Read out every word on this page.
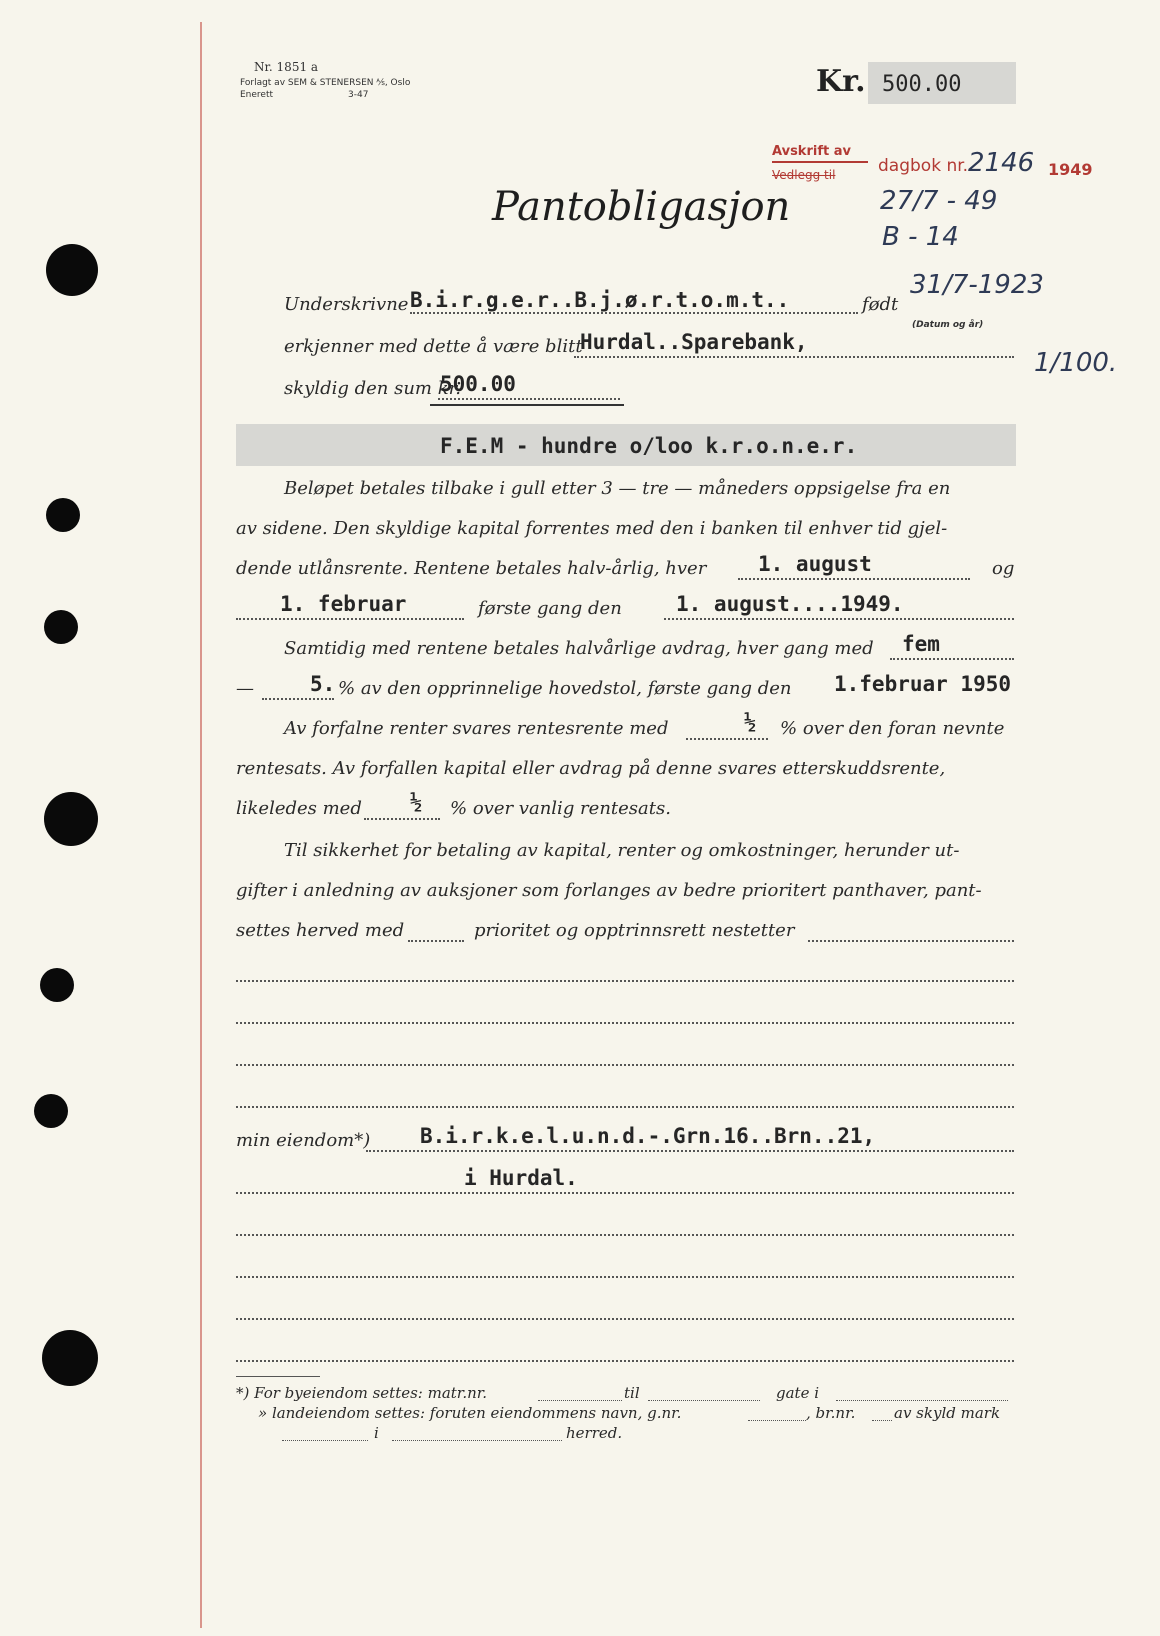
Nr. 1851 a
Forlagt av SEM & STENERSEN ⅍, Oslo
Enerett	3-47	Kr. 500.00
Avskrift av
Vedlegg til	dagbok nr. 2146 1949
27/7 - 49
B - 14
Pantobligasjon
Underskrivne B.i.r.g.e.r..B.j.ø.r.t.o.m.t..	født
31/7-1923
(Datum og år)
erkjenner med dette å være blitt
Hurdal..Sparebank,
1/100.
skyldig den sum kr.
500.00
F.E.M - hundre o/loo k.r.o.n.e.r.
Beløpet betales tilbake i gull etter 3 — tre — måneders oppsigelse fra en
av sidene. Den skyldige kapital forrentes med den i banken til enhver tid gjel-
dende utlånsrente. Rentene betales halv-årlig, hver 1. august	og
1. februar	første gang den	1. august....1949.
Samtidig med rentene betales halvårlige avdrag, hver gang med fem
—	5. % av den opprinnelige hovedstol, første gang den 1.februar 1950
Av forfalne renter svares rentesrente med	½ % over den foran nevnte
rentesats. Av forfallen kapital eller avdrag på denne svares etterskuddsrente,
likeledes med ½ % over vanlig rentesats.
Til sikkerhet for betaling av kapital, renter og omkostninger, herunder ut-
gifter i anledning av auksjoner som forlanges av bedre prioritert panthaver, pant-
settes herved med	prioritet og opptrinnsrett nestetter
min eiendom*) B.i.r.k.e.l.u.n.d.-.Grn.16..Brn..21,
i Hurdal.
*) For byeiendom settes: matr.nr.	til	gate i
» landeiendom settes: foruten eiendommens navn, g.nr.	, br.nr.	av skyld mark
i	herred.
